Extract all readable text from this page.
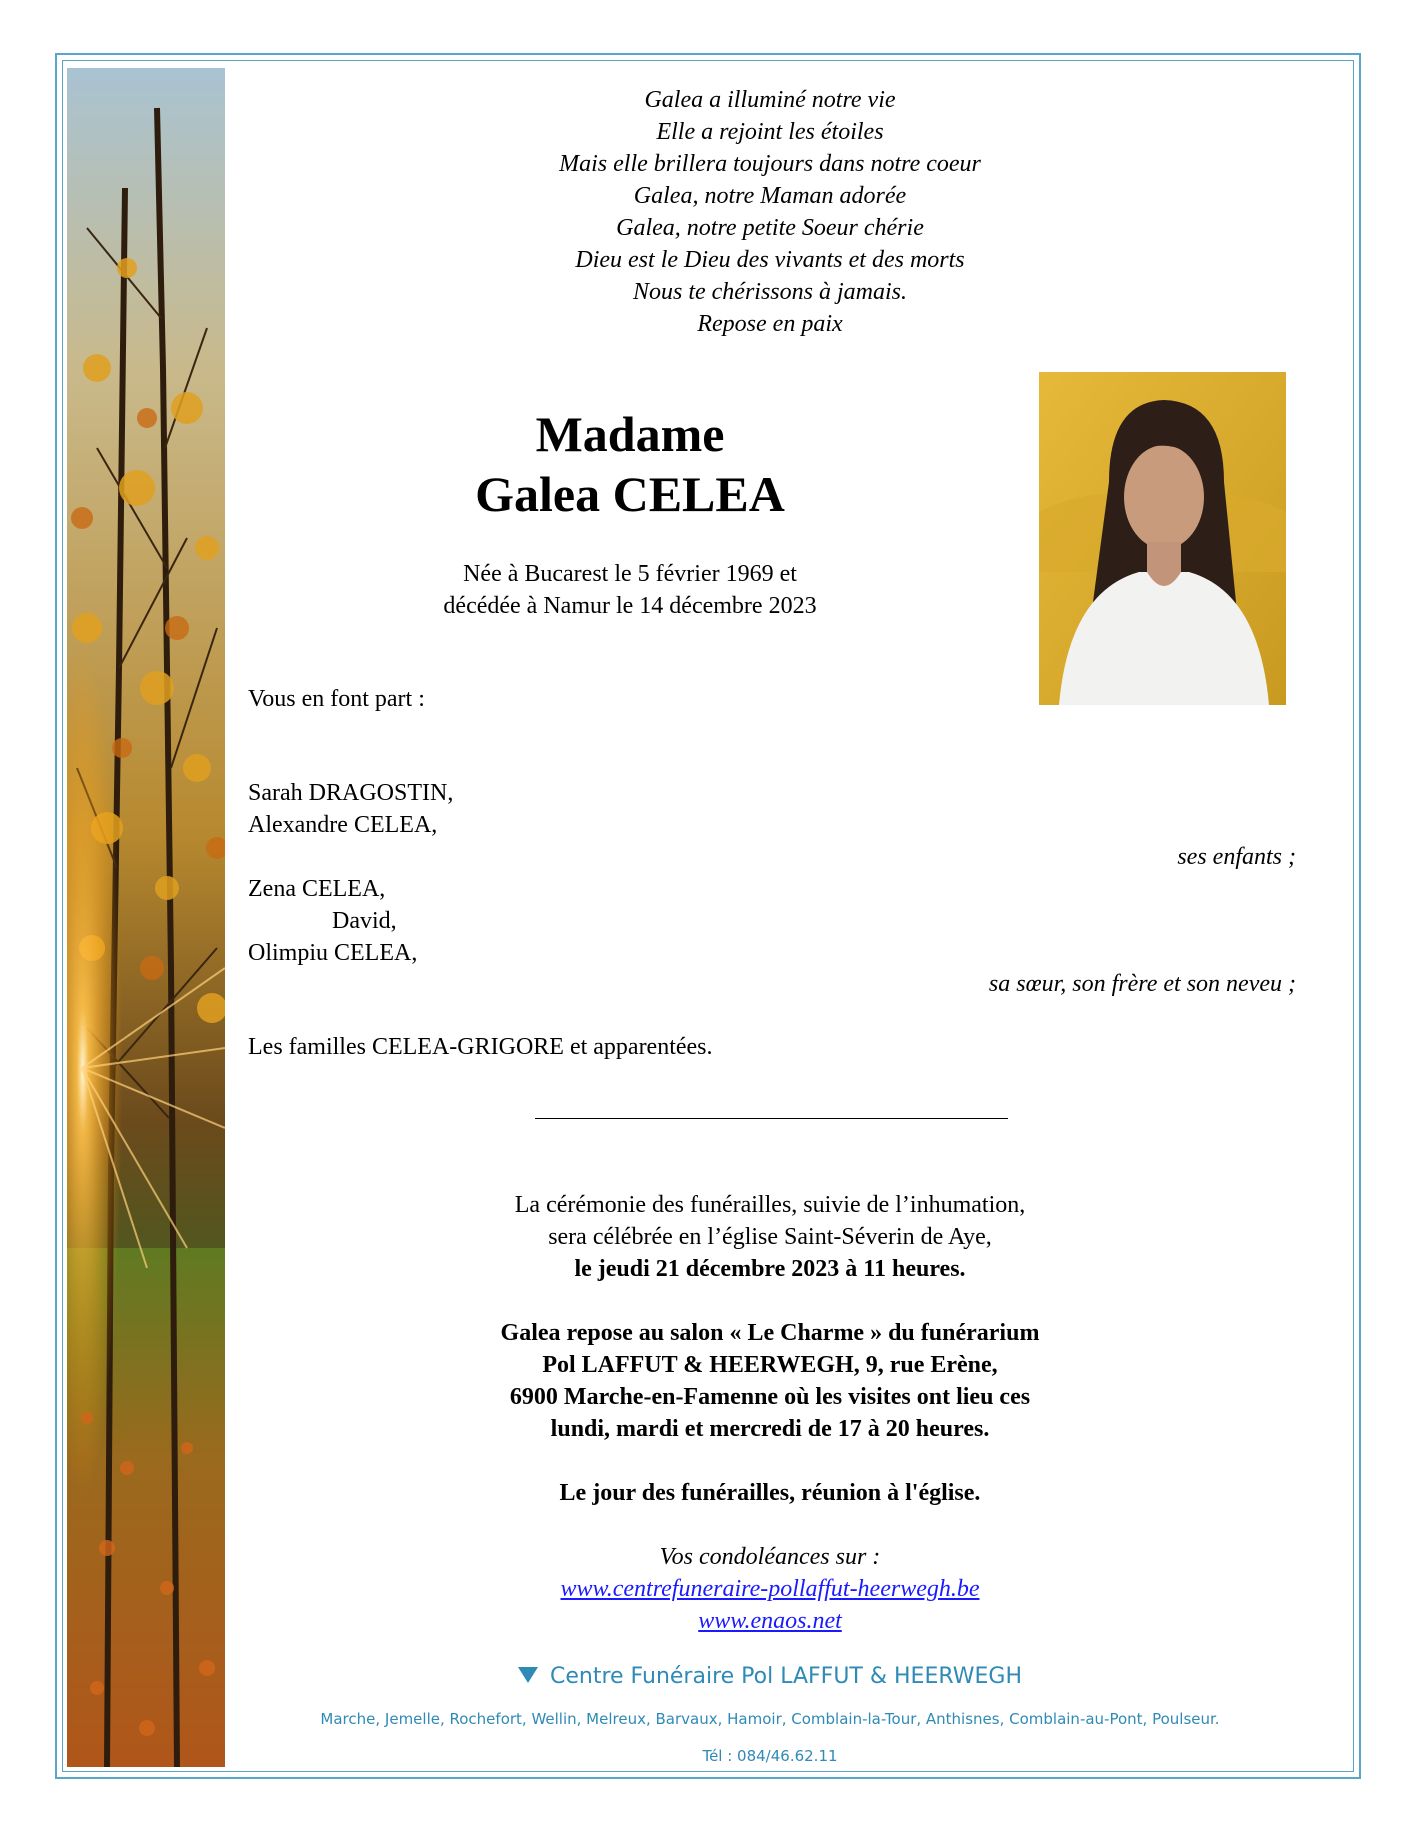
Galea a illuminé notre vie
Elle a rejoint les étoiles
Mais elle brillera toujours dans notre coeur
Galea, notre Maman adorée
Galea, notre petite Soeur chérie
Dieu est le Dieu des vivants et des morts
Nous te chérissons à jamais.
Repose en paix
Madame
Galea CELEA
Née à Bucarest le 5 février 1969 et
décédée à Namur le 14 décembre 2023
Vous en font part :
Sarah DRAGOSTIN,
Alexandre CELEA,
ses enfants ;
Zena CELEA,
David,
Olimpiu CELEA,
sa sœur, son frère et son neveu ;
Les familles CELEA-GRIGORE et apparentées.
La cérémonie des funérailles, suivie de l’inhumation,
sera célébrée en l’église Saint-Séverin de Aye,
le jeudi 21 décembre 2023 à 11 heures.
Galea repose au salon « Le Charme » du funérarium
Pol LAFFUT & HEERWEGH, 9, rue Erène,
6900 Marche-en-Famenne où les visites ont lieu ces
lundi, mardi et mercredi de 17 à 20 heures.
Le jour des funérailles, réunion à l'église.
Vos condoléances sur :
www.centrefuneraire-pollaffut-heerwegh.be
www.enaos.net
Centre Funéraire Pol LAFFUT & HEERWEGH
Marche, Jemelle, Rochefort, Wellin, Melreux, Barvaux, Hamoir, Comblain-la-Tour, Anthisnes, Comblain-au-Pont, Poulseur.
Tél : 084/46.62.11
